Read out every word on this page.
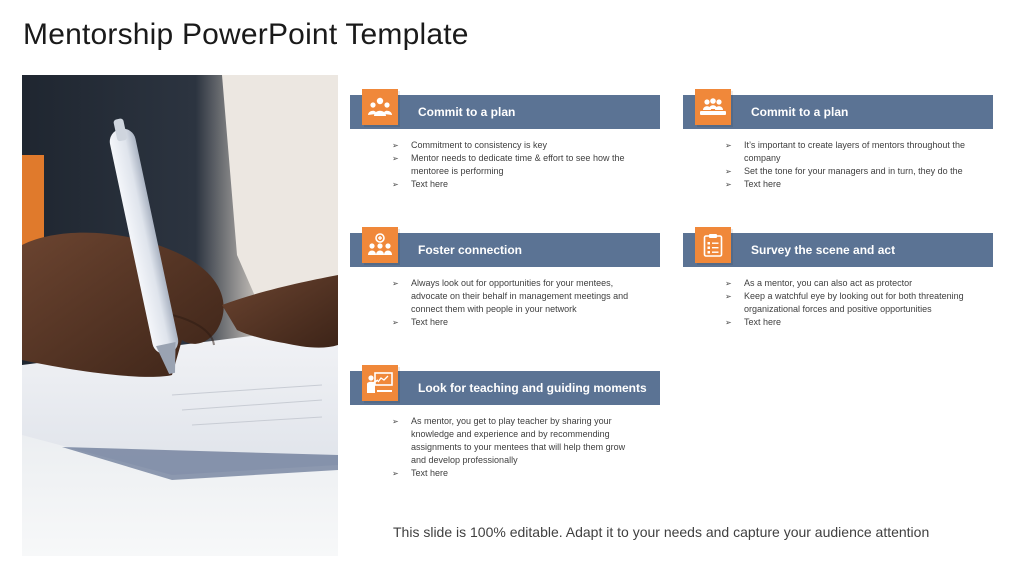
Mentorship PowerPoint Template
Commit to a plan
➢ Commitment to consistency is key
➢ Mentor needs to dedicate time & effort to see how the mentoree is performing
➢ Text here
Commit to a plan
➢ It’s important to create layers of mentors throughout the company
➢ Set the tone for your managers and in turn, they do the
➢ Text here
Foster connection
➢ Always look out for opportunities for your mentees, advocate on their behalf in management meetings and connect them with people in your network
➢ Text here
Survey the scene and act
➢ As a mentor, you can also act as protector
➢ Keep a watchful eye by looking out for both threatening organizational forces and positive opportunities
➢ Text here
Look for teaching and guiding moments
➢ As mentor, you get to play teacher by sharing your knowledge and experience and by recommending assignments to your mentees that will help them grow and develop professionally
➢ Text here
This slide is 100% editable. Adapt it to your needs and capture your audience attention
